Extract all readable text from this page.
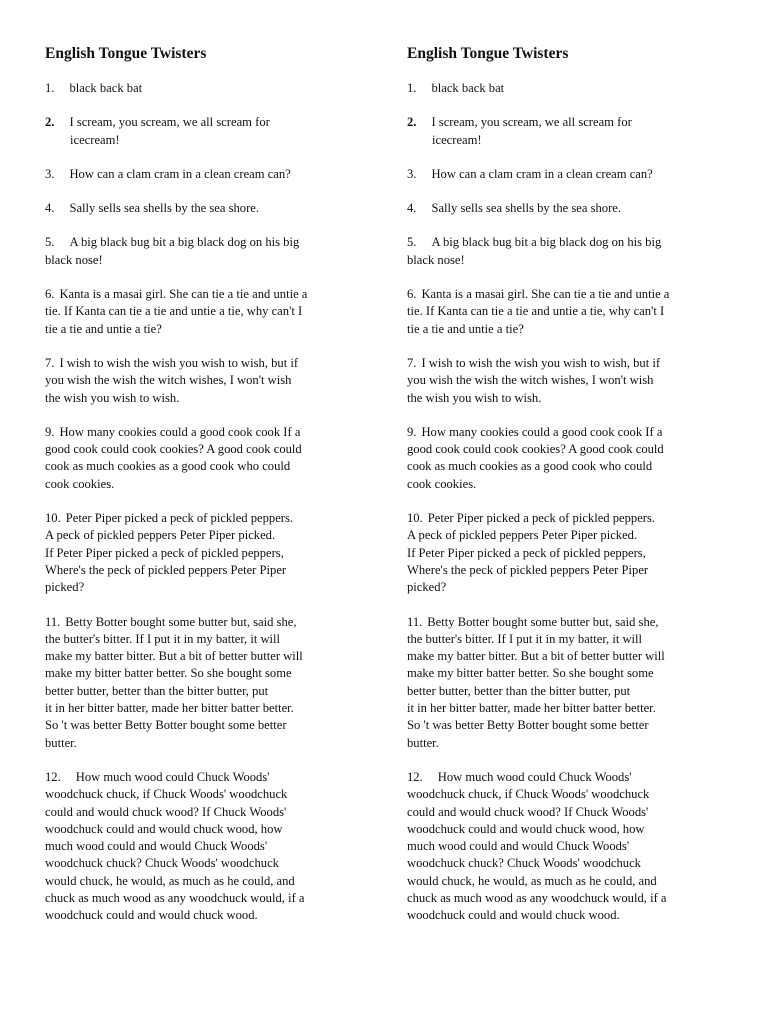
English Tongue Twisters
1. black back bat
2. I scream, you scream, we all scream for
icecream!
3. How can a clam cram in a clean cream can?
4. Sally sells sea shells by the sea shore.
5. A big black bug bit a big black dog on his big
black nose!
6. Kanta is a masai girl. She can tie a tie and untie a
tie. If Kanta can tie a tie and untie a tie, why can't I
tie a tie and untie a tie?
7. I wish to wish the wish you wish to wish, but if
you wish the wish the witch wishes, I won't wish
the wish you wish to wish.
9. How many cookies could a good cook cook If a
good cook could cook cookies? A good cook could
cook as much cookies as a good cook who could
cook cookies.
10. Peter Piper picked a peck of pickled peppers.
A peck of pickled peppers Peter Piper picked.
If Peter Piper picked a peck of pickled peppers,
Where's the peck of pickled peppers Peter Piper
picked?
11. Betty Botter bought some butter but, said she,
the butter's bitter. If I put it in my batter, it will
make my batter bitter. But a bit of better butter will
make my bitter batter better. So she bought some
better butter, better than the bitter butter, put
it in her bitter batter, made her bitter batter better.
So 't was better Betty Botter bought some better
butter.
12. How much wood could Chuck Woods'
woodchuck chuck, if Chuck Woods' woodchuck
could and would chuck wood? If Chuck Woods'
woodchuck could and would chuck wood, how
much wood could and would Chuck Woods'
woodchuck chuck? Chuck Woods' woodchuck
would chuck, he would, as much as he could, and
chuck as much wood as any woodchuck would, if a
woodchuck could and would chuck wood.
English Tongue Twisters
1. black back bat
2. I scream, you scream, we all scream for
icecream!
3. How can a clam cram in a clean cream can?
4. Sally sells sea shells by the sea shore.
5. A big black bug bit a big black dog on his big
black nose!
6. Kanta is a masai girl. She can tie a tie and untie a
tie. If Kanta can tie a tie and untie a tie, why can't I
tie a tie and untie a tie?
7. I wish to wish the wish you wish to wish, but if
you wish the wish the witch wishes, I won't wish
the wish you wish to wish.
9. How many cookies could a good cook cook If a
good cook could cook cookies? A good cook could
cook as much cookies as a good cook who could
cook cookies.
10. Peter Piper picked a peck of pickled peppers.
A peck of pickled peppers Peter Piper picked.
If Peter Piper picked a peck of pickled peppers,
Where's the peck of pickled peppers Peter Piper
picked?
11. Betty Botter bought some butter but, said she,
the butter's bitter. If I put it in my batter, it will
make my batter bitter. But a bit of better butter will
make my bitter batter better. So she bought some
better butter, better than the bitter butter, put
it in her bitter batter, made her bitter batter better.
So 't was better Betty Botter bought some better
butter.
12. How much wood could Chuck Woods'
woodchuck chuck, if Chuck Woods' woodchuck
could and would chuck wood? If Chuck Woods'
woodchuck could and would chuck wood, how
much wood could and would Chuck Woods'
woodchuck chuck? Chuck Woods' woodchuck
would chuck, he would, as much as he could, and
chuck as much wood as any woodchuck would, if a
woodchuck could and would chuck wood.
